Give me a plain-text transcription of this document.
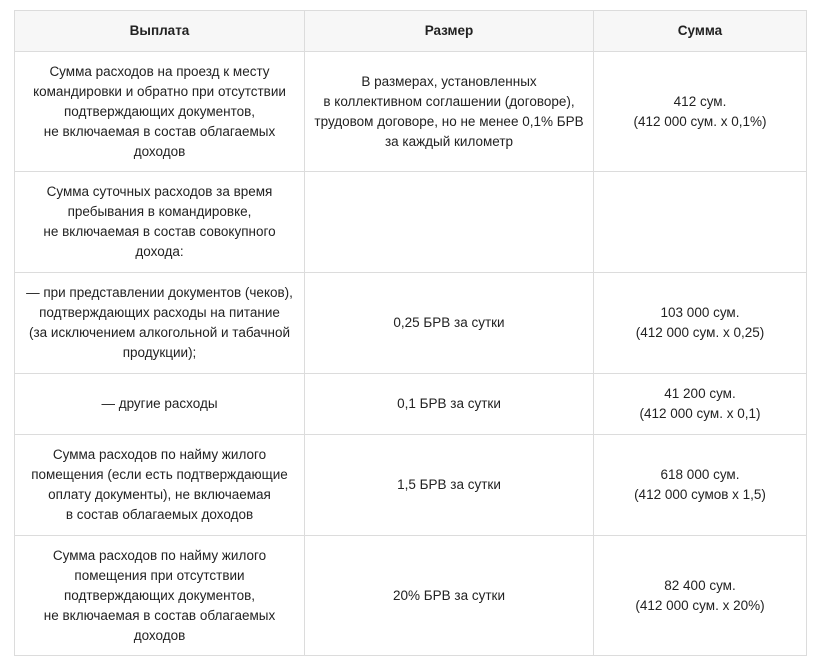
Выплата	Размер	Сумма

Сумма расходов на проезд к месту
командировки и обратно при отсутствии
подтверждающих документов,
не включаемая в состав облагаемых
доходов	В размерах, установленных
в коллективном соглашении (договоре),
трудовом договоре, но не менее 0,1% БРВ
за каждый километр	412 сум.
(412 000 сум. х 0,1%)

Сумма суточных расходов за время
пребывания в командировке,
не включаемая в состав совокупного
дохода:		

— при представлении документов (чеков),
подтверждающих расходы на питание
(за исключением алкогольной и табачной
продукции);	0,25 БРВ за сутки	103 000 сум.
(412 000 сум. х 0,25)

— другие расходы	0,1 БРВ за сутки	41 200 сум.
(412 000 сум. х 0,1)

Сумма расходов по найму жилого
помещения (если есть подтверждающие
оплату документы), не включаемая
в состав облагаемых доходов	1,5 БРВ за сутки	618 000 сум.
(412 000 сумов х 1,5)

Сумма расходов по найму жилого
помещения при отсутствии
подтверждающих документов,
не включаемая в состав облагаемых
доходов	20% БРВ за сутки	82 400 сум.
(412 000 сум. х 20%)
